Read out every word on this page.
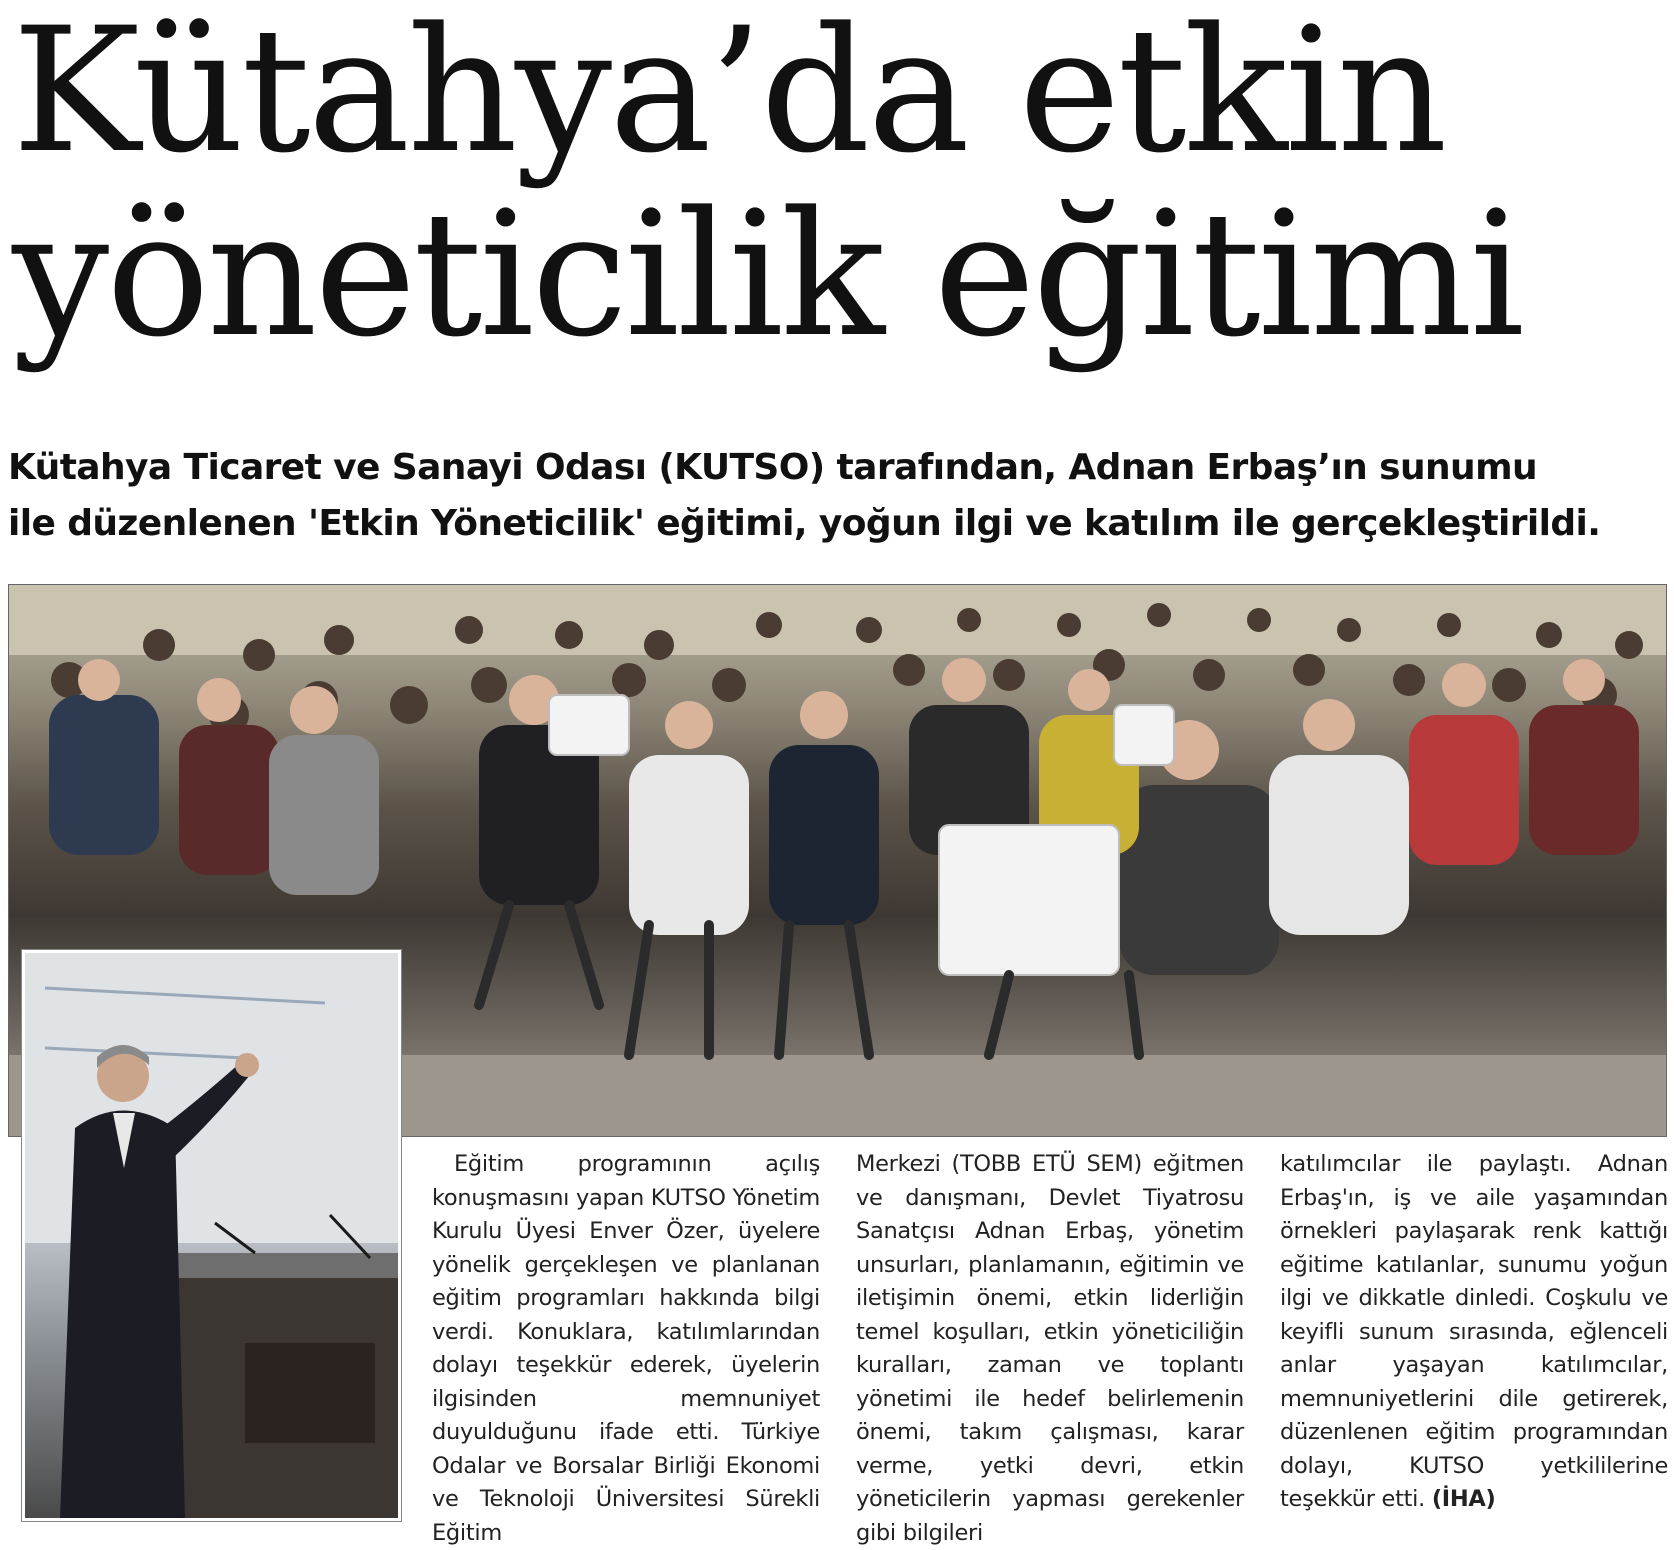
Kütahya’da etkin
yöneticilik eğitimi
Kütahya Ticaret ve Sanayi Odası (KUTSO) tarafından, Adnan Erbaş’ın sunumu
ile düzenlenen 'Etkin Yöneticilik' eğitimi, yoğun ilgi ve katılım ile gerçekleştirildi.
Eğitim programının açılış konuşmasını yapan KUTSO Yönetim Kurulu Üyesi Enver Özer, üyelere yönelik gerçekleşen ve planlanan eğitim programları hakkında bilgi verdi. Konuklara, katılımlarından dolayı teşekkür ederek, üyelerin ilgisinden memnuniyet duyulduğunu ifade etti. Türkiye Odalar ve Borsalar Birliği Ekonomi ve Teknoloji Üniversitesi Sürekli Eğitim
Merkezi (TOBB ETÜ SEM) eğitmen ve danışmanı, Devlet Tiyatrosu Sanatçısı Adnan Erbaş, yönetim unsurları, planlamanın, eğitimin ve iletişimin önemi, etkin liderliğin temel koşulları, etkin yöneticiliğin kuralları, zaman ve toplantı yönetimi ile hedef belirlemenin önemi, takım çalışması, karar verme, yetki devri, etkin yöneticilerin yapması gerekenler gibi bilgileri
katılımcılar ile paylaştı. Adnan Erbaş'ın, iş ve aile yaşamından örnekleri paylaşarak renk kattığı eğitime katılanlar, sunumu yoğun ilgi ve dikkatle dinledi. Coşkulu ve keyifli sunum sırasında, eğlenceli anlar yaşayan katılımcılar, memnuniyetlerini dile getirerek, düzenlenen eğitim programından dolayı, KUTSO yetkililerine teşekkür etti. (İHA)
